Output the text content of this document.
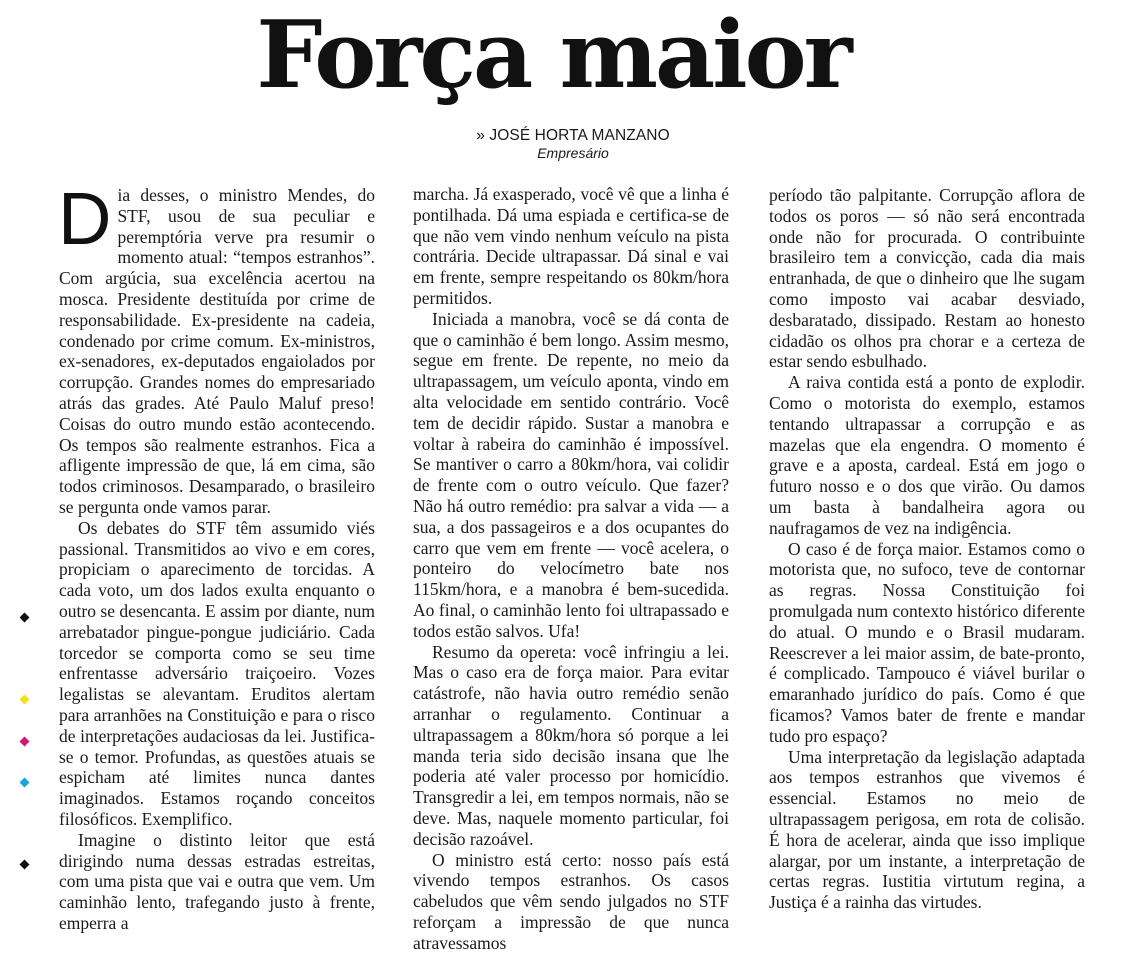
Força maior
» JOSÉ HORTA MANZANO
Empresário
D ia desses, o ministro Mendes, do STF, usou de sua peculiar e peremptória verve pra resumir o momento atual: “tempos estranhos”. Com argúcia, sua excelência acertou na mosca. Presidente destituída por crime de responsabilidade. Ex-presidente na cadeia, condenado por crime comum. Ex-ministros, ex-senadores, ex-deputados engaiolados por corrupção. Grandes nomes do empresariado atrás das grades. Até Paulo Maluf preso! Coisas do outro mundo estão acontecendo. Os tempos são realmente estranhos. Fica a afligente impressão de que, lá em cima, são todos criminosos. Desamparado, o brasileiro se pergunta onde vamos parar.

Os debates do STF têm assumido viés passional. Transmitidos ao vivo e em cores, propiciam o aparecimento de torcidas. A cada voto, um dos lados exulta enquanto o outro se desencanta. E assim por diante, num arrebatador pingue-pongue judiciário. Cada torcedor se comporta como se seu time enfrentasse adversário traiçoeiro. Vozes legalistas se alevantam. Eruditos alertam para arranhões na Constituição e para o risco de interpretações audaciosas da lei. Justifica-se o temor. Profundas, as questões atuais se espicham até limites nunca dantes imaginados. Estamos roçando conceitos filosóficos. Exemplifico.

Imagine o distinto leitor que está dirigindo numa dessas estradas estreitas, com uma pista que vai e outra que vem. Um caminhão lento, trafegando justo à frente, emperra a

marcha. Já exasperado, você vê que a linha é pontilhada. Dá uma espiada e certifica-se de que não vem vindo nenhum veículo na pista contrária. Decide ultrapassar. Dá sinal e vai em frente, sempre respeitando os 80km/hora permitidos.

Iniciada a manobra, você se dá conta de que o caminhão é bem longo. Assim mesmo, segue em frente. De repente, no meio da ultrapassagem, um veículo aponta, vindo em alta velocidade em sentido contrário. Você tem de decidir rápido. Sustar a manobra e voltar à rabeira do caminhão é impossível. Se mantiver o carro a 80km/hora, vai colidir de frente com o outro veículo. Que fazer? Não há outro remédio: pra salvar a vida — a sua, a dos passageiros e a dos ocupantes do carro que vem em frente — você acelera, o ponteiro do velocímetro bate nos 115km/hora, e a manobra é bem-sucedida. Ao final, o caminhão lento foi ultrapassado e todos estão salvos. Ufa!

Resumo da opereta: você infringiu a lei. Mas o caso era de força maior. Para evitar catástrofe, não havia outro remédio senão arranhar o regulamento. Continuar a ultrapassagem a 80km/hora só porque a lei manda teria sido decisão insana que lhe poderia até valer processo por homicídio. Transgredir a lei, em tempos normais, não se deve. Mas, naquele momento particular, foi decisão razoável.

O ministro está certo: nosso país está vivendo tempos estranhos. Os casos cabeludos que vêm sendo julgados no STF reforçam a impressão de que nunca atravessamos

período tão palpitante. Corrupção aflora de todos os poros — só não será encontrada onde não for procurada. O contribuinte brasileiro tem a convicção, cada dia mais entranhada, de que o dinheiro que lhe sugam como imposto vai acabar desviado, desbaratado, dissipado. Restam ao honesto cidadão os olhos pra chorar e a certeza de estar sendo esbulhado.

A raiva contida está a ponto de explodir. Como o motorista do exemplo, estamos tentando ultrapassar a corrupção e as mazelas que ela engendra. O momento é grave e a aposta, cardeal. Está em jogo o futuro nosso e o dos que virão. Ou damos um basta à bandalheira agora ou naufragamos de vez na indigência.

O caso é de força maior. Estamos como o motorista que, no sufoco, teve de contornar as regras. Nossa Constituição foi promulgada num contexto histórico diferente do atual. O mundo e o Brasil mudaram. Reescrever a lei maior assim, de bate-pronto, é complicado. Tampouco é viável burilar o emaranhado jurídico do país. Como é que ficamos? Vamos bater de frente e mandar tudo pro espaço?

Uma interpretação da legislação adaptada aos tempos estranhos que vivemos é essencial. Estamos no meio de ultrapassagem perigosa, em rota de colisão. É hora de acelerar, ainda que isso implique alargar, por um instante, a interpretação de certas regras. Iustitia virtutum regina, a Justiça é a rainha das virtudes.
